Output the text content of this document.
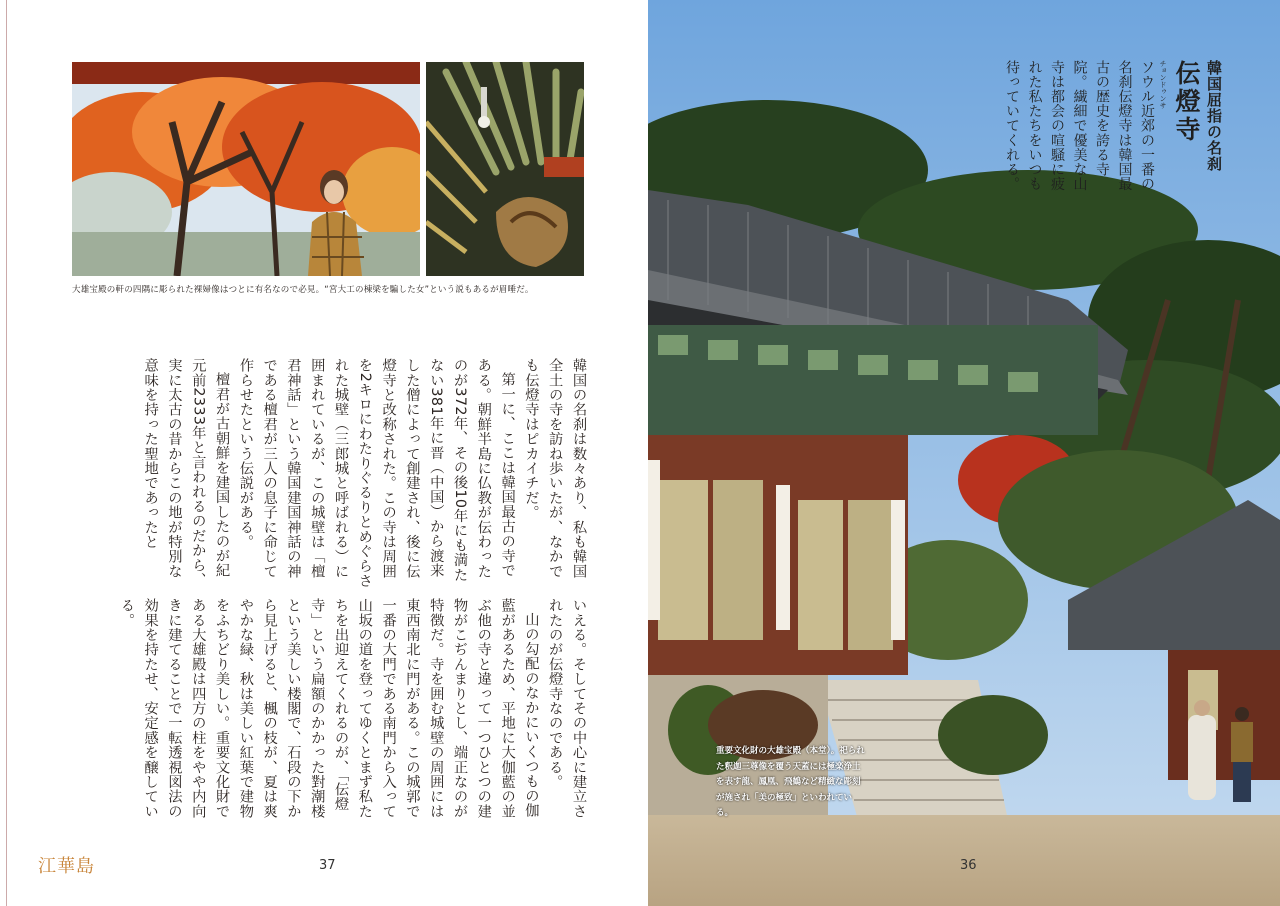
大雄宝殿の軒の四隅に彫られた裸婦像はつとに有名なので必見。“宮大工の棟梁を騙した女”という説もあるが眉唾だ。

韓国の名刹は数々あり、私も韓国全土の寺を訪ね歩いたが、なかでも伝燈寺はピカイチだ。

第一に、ここは韓国最古の寺である。朝鮮半島に仏教が伝わったのが372年、その後10年にも満たない381年に晋（中国）から渡来した僧によって創建され、後に伝燈寺と改称された。この寺は周囲を2キロにわたりぐるりとめぐらされた城壁（三郎城と呼ばれる）に囲まれているが、この城壁は「檀君神話」という韓国建国神話の神である檀君が三人の息子に命じて作らせたという伝説がある。

檀君が古朝鮮を建国したのが紀元前2333年と言われるのだから、実に太古の昔からこの地が特別な意味を持った聖地であったと

いえる。そしてその中心に建立されたのが伝燈寺なのである。

山の勾配のなかにいくつもの伽藍があるため、平地に大伽藍の並ぶ他の寺と違って一つひとつの建物がこぢんまりとし、端正なのが特徴だ。寺を囲む城壁の周囲には東西南北に門がある。この城郭で一番の大門である南門から入って山坂の道を登ってゆくとまず私たちを出迎えてくれるのが、「伝燈寺」という扁額のかかった對潮楼という美しい楼閣で、石段の下から見上げると、楓の枝が、夏は爽やかな緑、秋は美しい紅葉で建物をふちどり美しい。重要文化財である大雄殿は四方の柱をやや内向きに建てることで一転透視図法の効果を持たせ、安定感を醸している。

江華島	37
韓国屈指の名刹
伝燈寺
チョンドゥンサ
ソウル近郊の一番の名刹伝燈寺は韓国最古の歴史を誇る寺院。繊細で優美な山寺は都会の喧騒に疲れた私たちをいつも待っていてくれる。
36
重要文化財の大雄宝殿（本堂）。祀られた釈迦三尊像を覆う天蓋には極楽浄土を表す龍、鳳凰、飛鶴など精緻な彫刻が施され「美の極致」といわれている。
